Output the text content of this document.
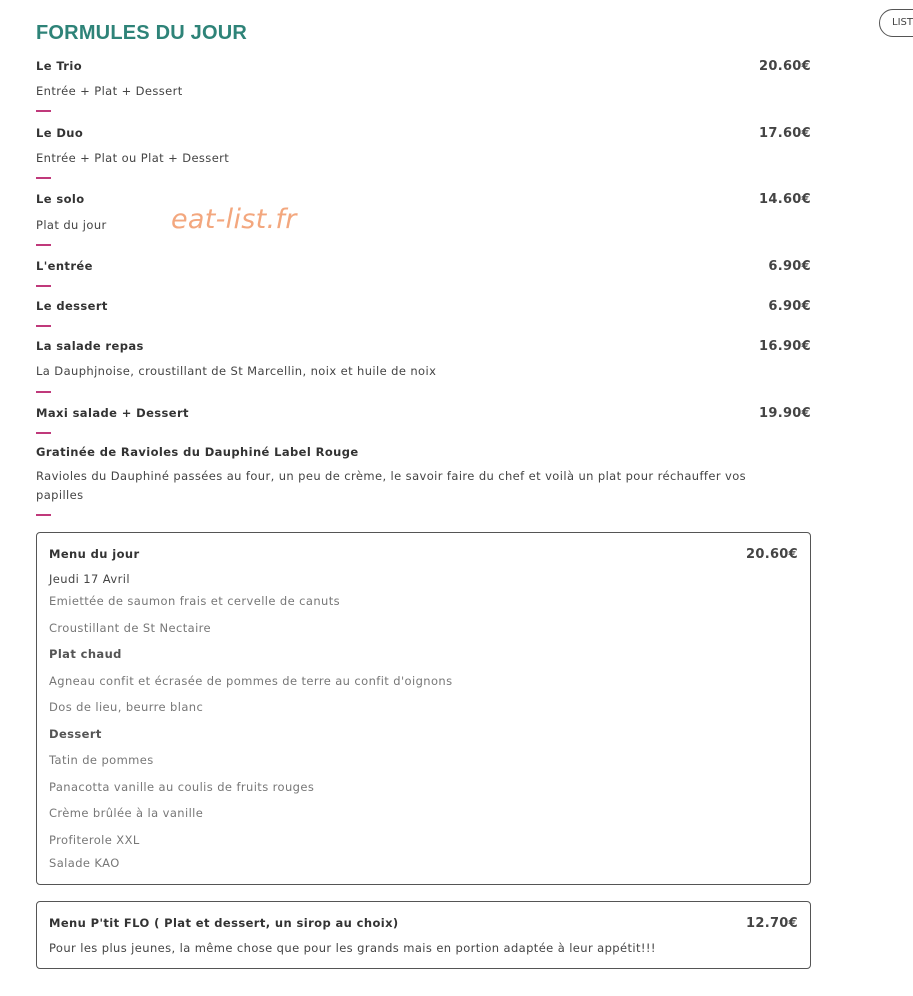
FORMULES DU JOUR	LIST
eat-list.fr
Le Trio	20.60€
Entrée + Plat + Dessert
Le Duo	17.60€
Entrée + Plat ou Plat + Dessert
Le solo	14.60€
Plat du jour
L'entrée	6.90€
Le dessert	6.90€
La salade repas	16.90€
La Dauphjnoise, croustillant de St Marcellin, noix et huile de noix
Maxi salade + Dessert	19.90€
Gratinée de Ravioles du Dauphiné Label Rouge
Ravioles du Dauphiné passées au four, un peu de crème, le savoir faire du chef et voilà un plat pour réchauffer vos papilles
Menu du jour	20.60€
Jeudi 17 Avril
Emiettée de saumon frais et cervelle de canuts
Croustillant de St Nectaire
Plat chaud
Agneau confit et écrasée de pommes de terre au confit d'oignons
Dos de lieu, beurre blanc
Dessert
Tatin de pommes
Panacotta vanille au coulis de fruits rouges
Crème brûlée à la vanille
Profiterole XXL
Salade KAO
Menu P'tit FLO ( Plat et dessert, un sirop au choix)	12.70€
Pour les plus jeunes, la même chose que pour les grands mais en portion adaptée à leur appétit!!!
